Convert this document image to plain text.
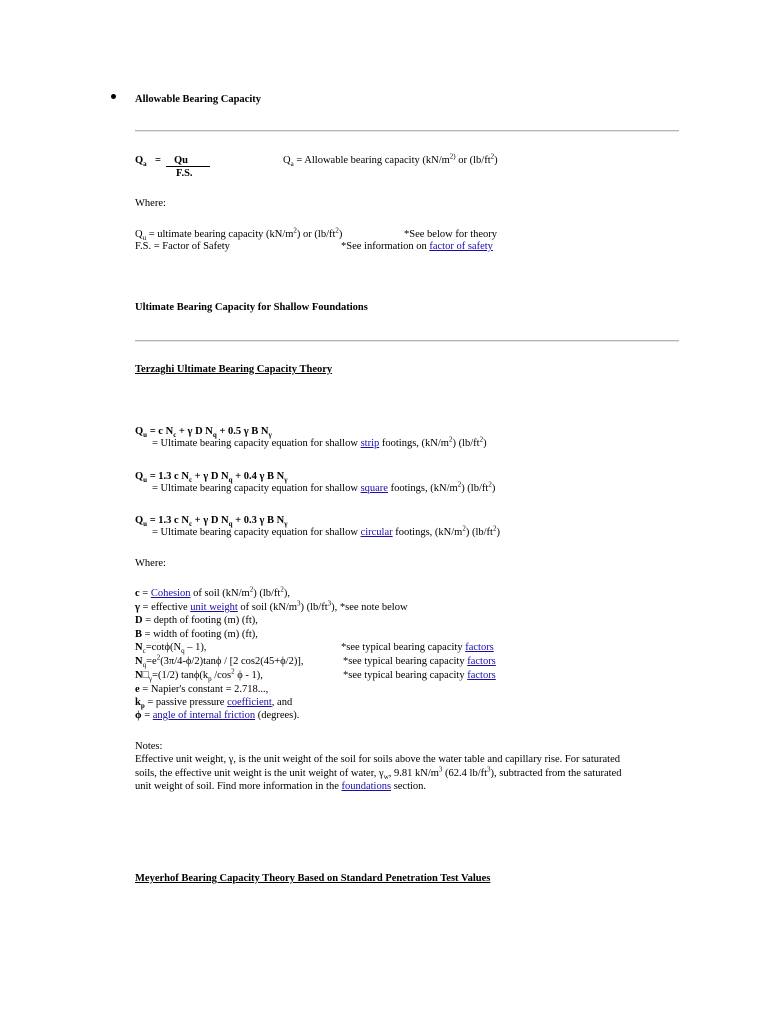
Allowable Bearing Capacity
$Q_a$ =	Qu
F.S.
$Q_a$ = Allowable bearing capacity ($kN/m^{2)}$ or $(lb/ft^2)$
Where:
$Q_u$ = ultimate bearing capacity $(kN/m^2)$ or $(lb/ft^2)$	*See below for theory
F.S. = Factor of Safety	*See information on factor of safety
Ultimate Bearing Capacity for Shallow Foundations
Terzaghi Ultimate Bearing Capacity Theory
$Q_u = c$ $N_c + \gamma$ D $N_q + 0.5$ γ B $N_\gamma$
= Ultimate bearing capacity equation for shallow strip footings, $(kN/m^2)$ $(lb/ft^2)$
$Q_u = 1.3$ c $N_c + \gamma$ D $N_q + 0.4$ γ B $N_\gamma$
= Ultimate bearing capacity equation for shallow square footings, $(kN/m^2)$ $(lb/ft^2)$
$Q_u = 1.3$ c $N_c + \gamma$ D $N_q + 0.3$ γ B $N_\gamma$
= Ultimate bearing capacity equation for shallow circular footings, $(kN/m^2)$ $(lb/ft^2)$
Where:
c = Cohesion of soil $(kN/m^2)$ $(lb/ft^2)$,
γ = effective unit weight of soil $(kN/m^3)$ $(lb/ft^3)$, *see note below
D = depth of footing (m) (ft),
B = width of footing (m) (ft),
$N_c=\cot\phi(N_q - 1)$,	*see typical bearing capacity factors
$N_q=e^2(3\pi/4-\phi/2)\tan\phi / [2$ cos2(45+ϕ/2)],	*see typical bearing capacity factors
$N□_\gamma=(1/2)$ $\tan\phi(k_p$ $/\cos^2$ ϕ - 1),	*see typical bearing capacity factors
e = Napier's constant = 2.718...,
$k_p$ = passive pressure coefficient, and
ϕ = angle of internal friction (degrees).
Notes:
Effective unit weight, γ, is the unit weight of the soil for soils above the water table and capillary rise. For saturated
soils, the effective unit weight is the unit weight of water, $\gamma_w$, 9.81 $kN/m^3$ (62.4 $lb/ft^3$), subtracted from the saturated
unit weight of soil. Find more information in the foundations section.
Meyerhof Bearing Capacity Theory Based on Standard Penetration Test Values
